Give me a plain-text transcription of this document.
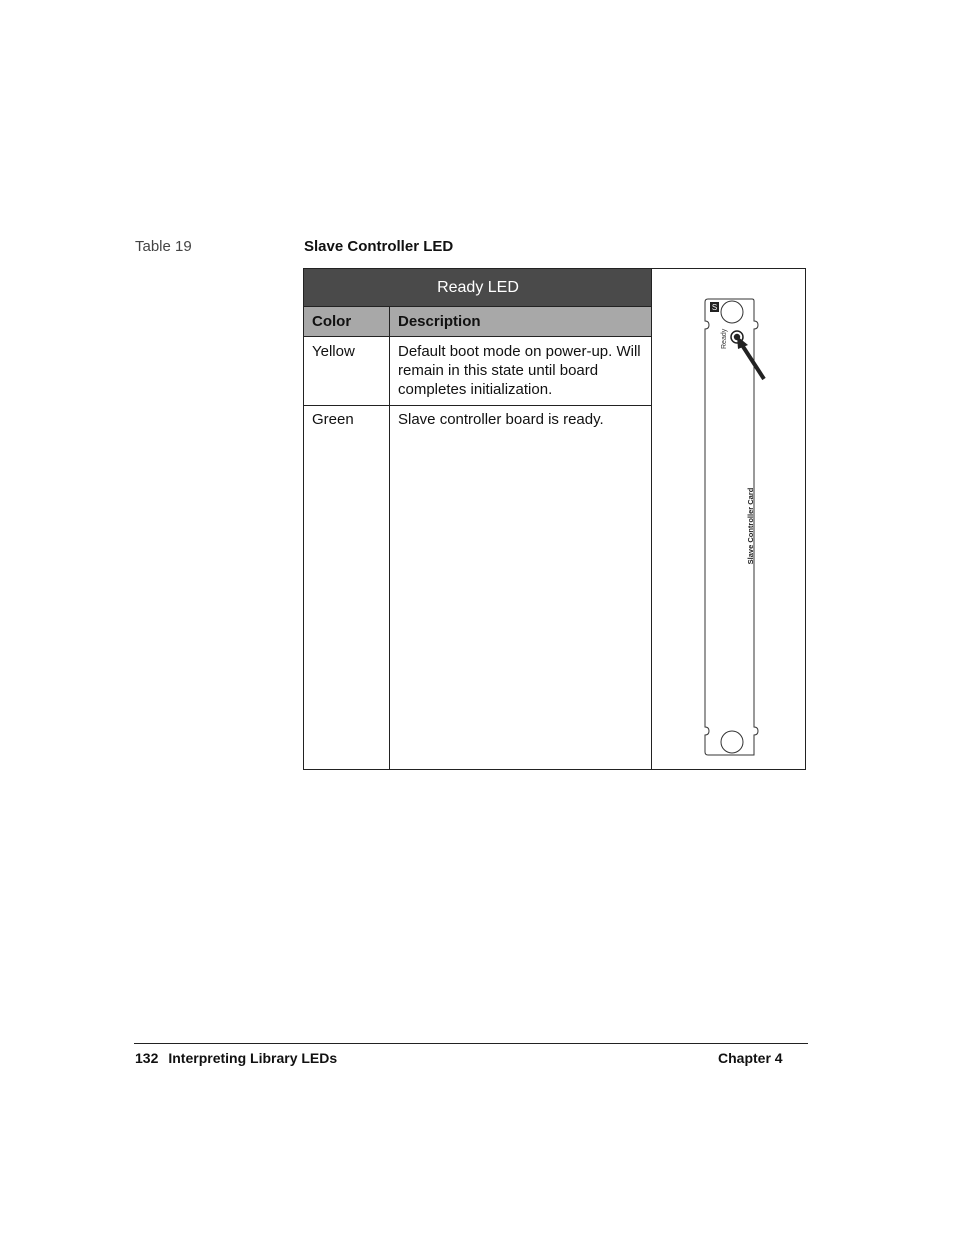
Table 19	Slave Controller LED
Ready LED
Color	Description
Yellow	Default boot mode on power-up. Will remain in this state until board completes initialization.
Green	Slave controller board is ready.
S
Ready
Slave Controller Card
132 Interpreting Library LEDs	Chapter 4
